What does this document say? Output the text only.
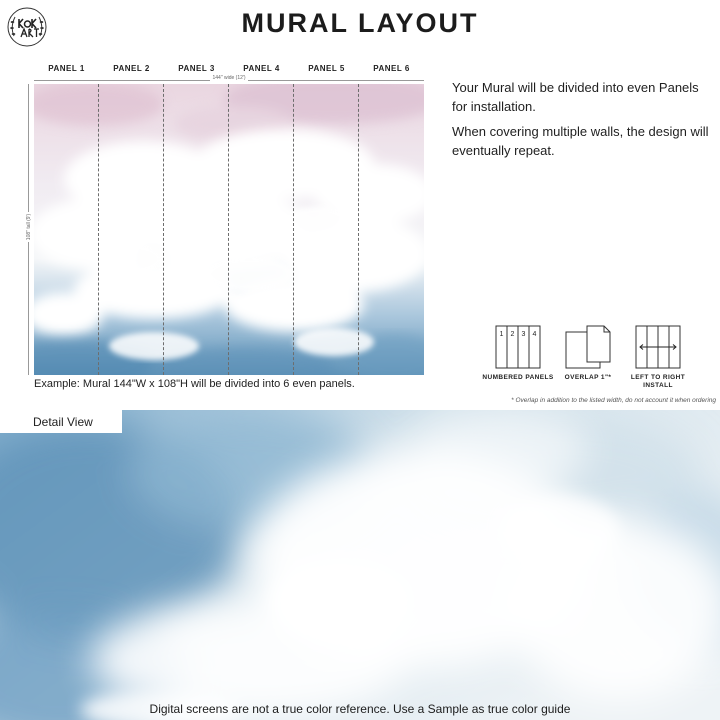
MURAL LAYOUT
PANEL 1	PANEL 2	PANEL 3	PANEL 4	PANEL 5	PANEL 6
144" wide (12')
108" tall (9')
Example: Mural 144"W x 108"H will be divided into 6 even panels.

Your Mural will be divided into even Panels for installation.

When covering multiple walls, the design will eventually repeat.

1 2 3 4
NUMBERED PANELS	OVERLAP 1"*	LEFT TO RIGHT
INSTALL
* Overlap in addition to the listed width, do not account it when ordering
Detail View
Digital screens are not a true color reference. Use a Sample as true color guide
